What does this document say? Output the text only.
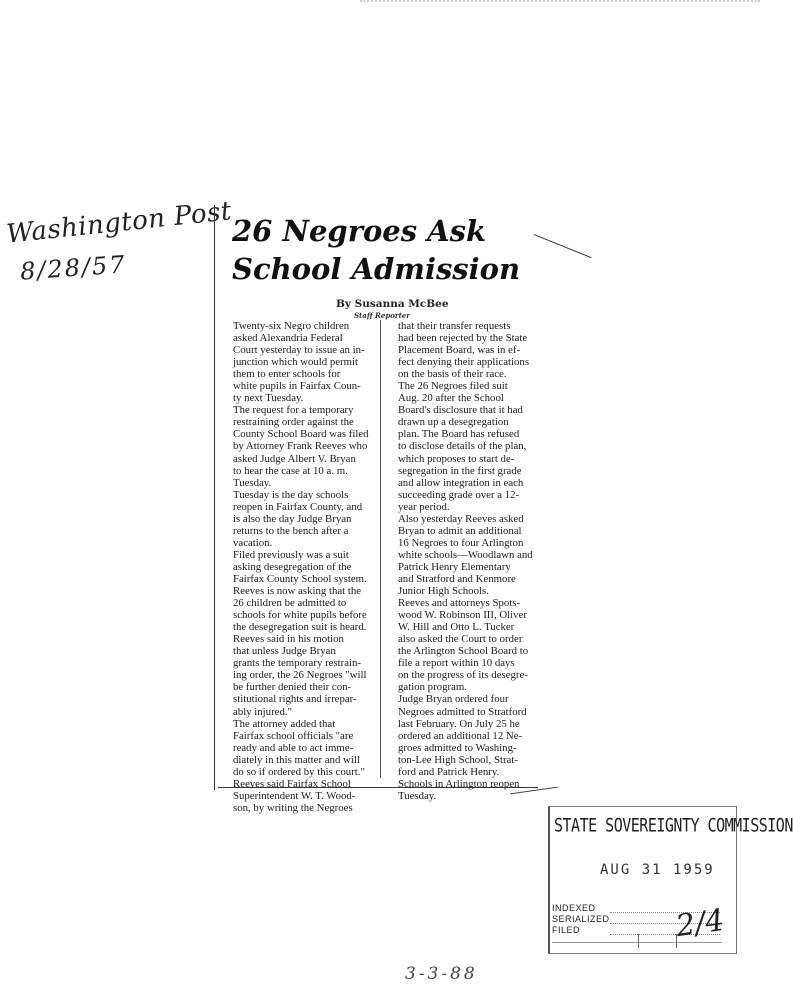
Washington Post
8/28/57
26 Negroes Ask
School Admission
By Susanna McBee
Staff Reporter

Twenty-six Negro children
asked Alexandria Federal
Court yesterday to issue an in-
junction which would permit
them to enter schools for
white pupils in Fairfax Coun-
ty next Tuesday.

The request for a temporary
restraining order against the
County School Board was filed
by Attorney Frank Reeves who
asked Judge Albert V. Bryan
to hear the case at 10 a. m.
Tuesday.

Tuesday is the day schools
reopen in Fairfax County, and
is also the day Judge Bryan
returns to the bench after a
vacation.

Filed previously was a suit
asking desegregation of the
Fairfax County School system.
Reeves is now asking that the
26 children be admitted to
schools for white pupils before
the desegregation suit is heard.

Reeves said in his motion
that unless Judge Bryan
grants the temporary restrain-
ing order, the 26 Negroes "will
be further denied their con-
stitutional rights and irrepar-
ably injured."

The attorney added that
Fairfax school officials "are
ready and able to act imme-
diately in this matter and will
do so if ordered by this court."

Reeves said Fairfax School
Superintendent W. T. Wood-
son, by writing the Negroes

that their transfer requests
had been rejected by the State
Placement Board, was in ef-
fect denying their applications
on the basis of their race.

The 26 Negroes filed suit
Aug. 20 after the School
Board's disclosure that it had
drawn up a desegregation
plan. The Board has refused
to disclose details of the plan,
which proposes to start de-
segregation in the first grade
and allow integration in each
succeeding grade over a 12-
year period.

Also yesterday Reeves asked
Bryan to admit an additional
16 Negroes to four Arlington
white schools—Woodlawn and
Patrick Henry Elementary
and Stratford and Kenmore
Junior High Schools.

Reeves and attorneys Spots-
wood W. Robinson III, Oliver
W. Hill and Otto L. Tucker
also asked the Court to order
the Arlington School Board to
file a report within 10 days
on the progress of its desegre-
gation program.

Judge Bryan ordered four
Negroes admitted to Stratford
last February. On July 25 he
ordered an additional 12 Ne-
groes admitted to Washing-
ton-Lee High School, Strat-
ford and Patrick Henry.
Schools in Arlington reopen
Tuesday.

STATE SOVEREIGNTY COMMISSION
AUG 31 1959
INDEXED
SERIALIZED
FILED	2/4
3-3-88
